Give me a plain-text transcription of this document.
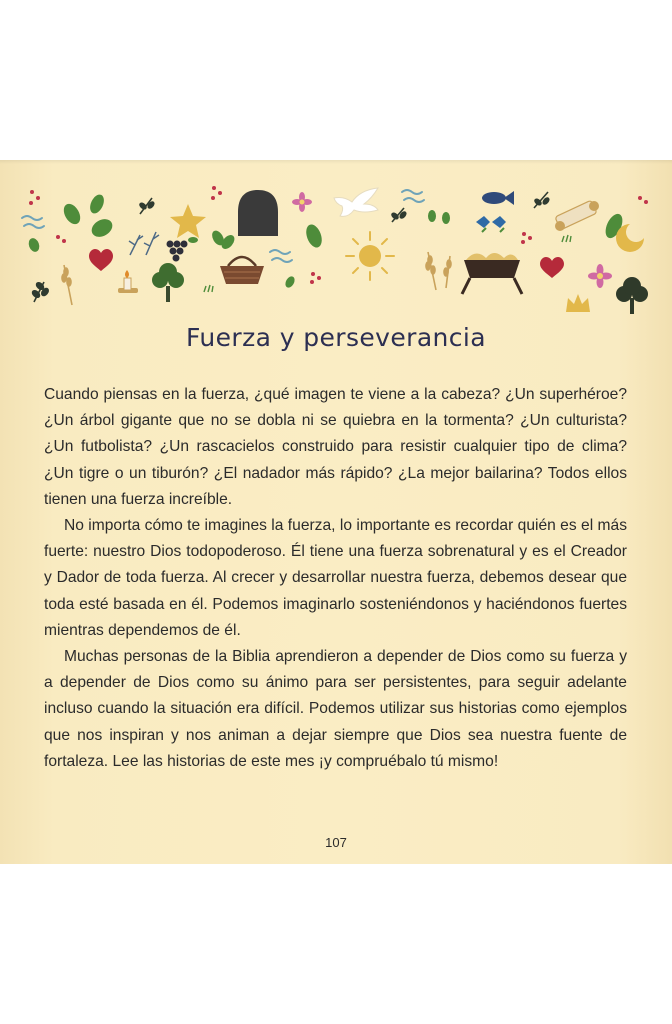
Fuerza y perseverancia

Cuando piensas en la fuerza, ¿qué imagen te viene a la cabeza? ¿Un superhéroe? ¿Un árbol gigante que no se dobla ni se quiebra en la tormenta? ¿Un culturista? ¿Un futbolista? ¿Un rascacielos construido para resistir cualquier tipo de clima? ¿Un tigre o un tiburón? ¿El nadador más rápido? ¿La mejor bailarina? Todos ellos tienen una fuerza increíble.

No importa cómo te imagines la fuerza, lo importante es recordar quién es el más fuerte: nuestro Dios todopoderoso. Él tiene una fuerza sobrenatural y es el Creador y Dador de toda fuerza. Al crecer y desarrollar nuestra fuerza, debemos desear que toda esté basada en él. Podemos imaginarlo sosteniéndonos y haciéndonos fuertes mientras dependemos de él.

Muchas personas de la Biblia aprendieron a depender de Dios como su fuerza y a depender de Dios como su ánimo para ser persistentes, para seguir adelante incluso cuando la situación era difícil. Podemos utilizar sus historias como ejemplos que nos inspiran y nos animan a dejar siempre que Dios sea nuestra fuente de fortaleza. Lee las historias de este mes ¡y compruébalo tú mismo!

107
